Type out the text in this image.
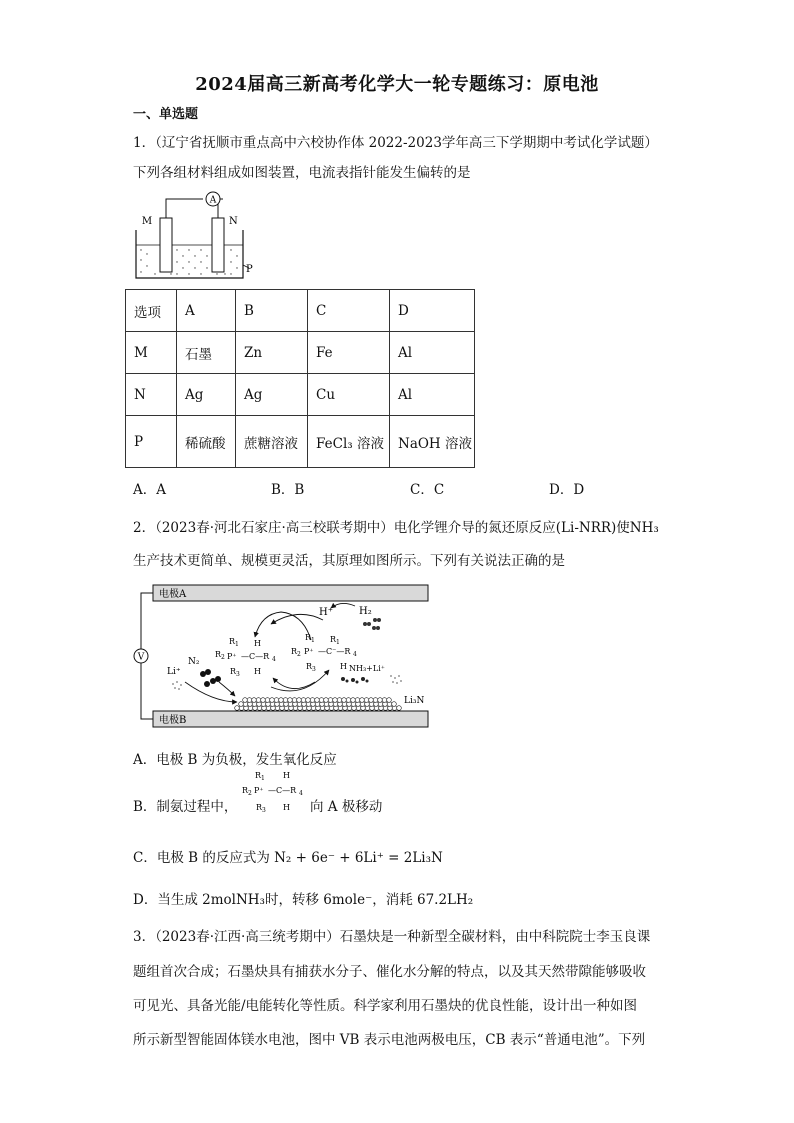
2024届高三新高考化学大一轮专题练习：原电池
一、单选题
1．（辽宁省抚顺市重点高中六校协作体 2022-2023学年高三下学期期中考试化学试题）
下列各组材料组成如图装置，电流表指针能发生偏转的是
A
M	N
P
选项	A	B	C	D
M	石墨	Zn	Fe	Al
N	Ag	Ag	Cu	Al
P	稀硫酸	蔗糖溶液	FeCl₃ 溶液	NaOH 溶液
A．A	B．B	C．C	D．D
2．（2023春·河北石家庄·高三校联考期中）电化学锂介导的氮还原反应(Li-NRR)使NH₃
生产技术更简单、规模更灵活，其原理如图所示。下列有关说法正确的是
电极A
电极B
V
H⁺	H₂
R 1
R 2 P⁺ —C—R 4
R 3
H
H
R 1
R 2 P⁺ —C⁻—R 4
R 3
R 1
H NH₃+Li⁺
Li⁺
N₂
Li₃N
A．电极 B 为负极，发生氧化反应
B．制氨过程中，
R 1
R 2 P⁺ —C—R 4
R 3
H
H 向 A 极移动
C．电极 B 的反应式为 N₂ + 6e⁻ + 6Li⁺ = 2Li₃N
D．当生成 2molNH₃时，转移 6mole⁻，消耗 67.2LH₂
3．（2023春·江西·高三统考期中）石墨炔是一种新型全碳材料，由中科院院士李玉良课
题组首次合成；石墨炔具有捕获水分子、催化水分解的特点，以及其天然带隙能够吸收
可见光、具备光能/电能转化等性质。科学家利用石墨炔的优良性能，设计出一种如图
所示新型智能固体镁水电池，图中 VB 表示电池两极电压，CB 表示“普通电池”。下列
